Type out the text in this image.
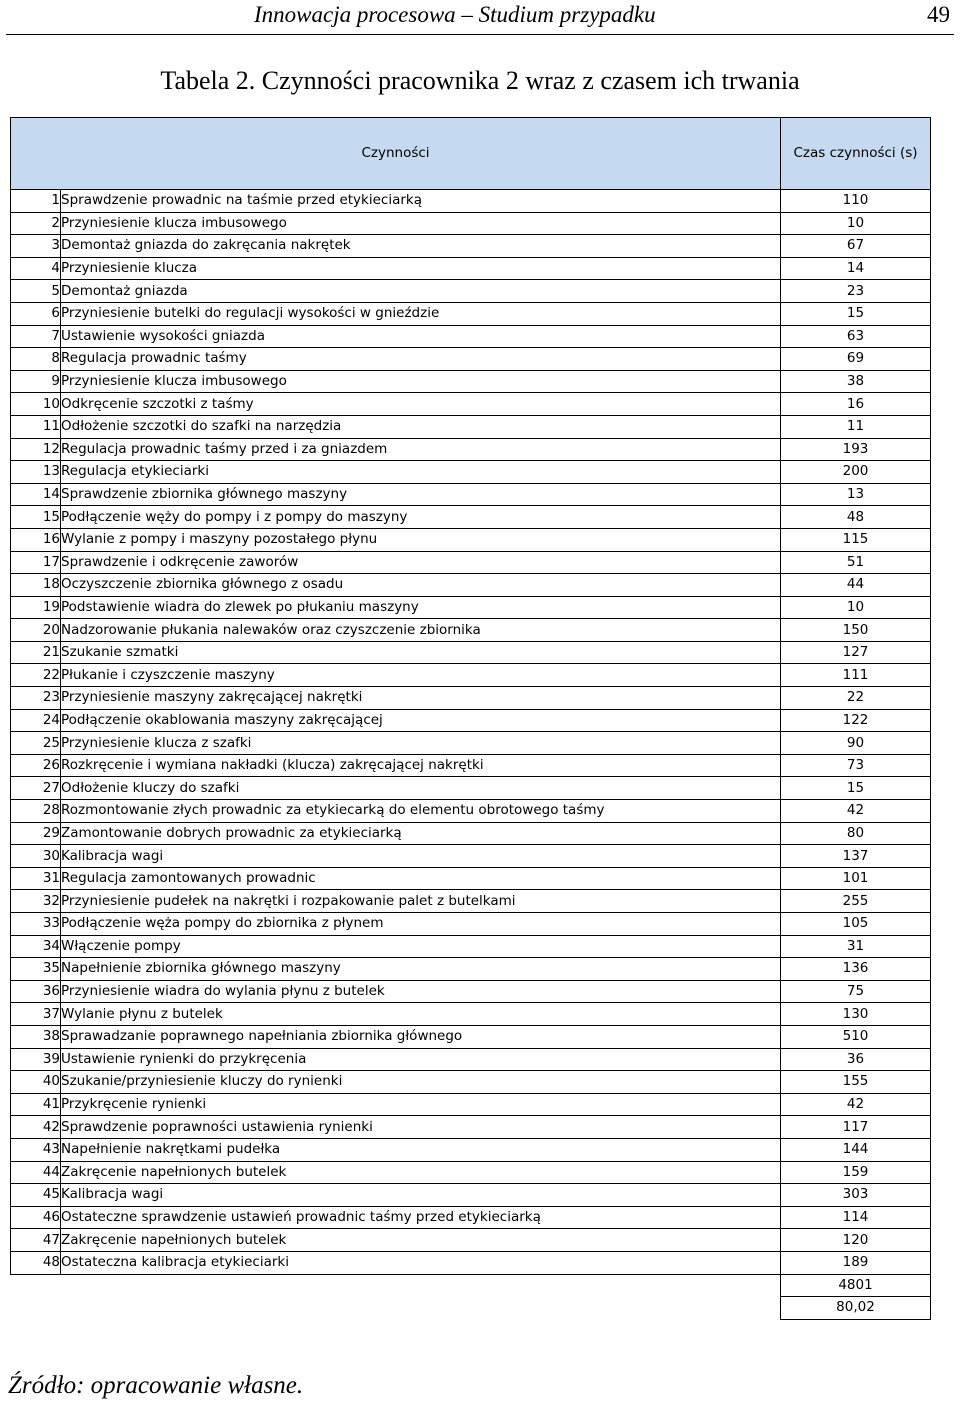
Innowacja procesowa – Studium przypadku	49
Tabela 2. Czynności pracownika 2 wraz z czasem ich trwania
Czynności		Czas czynności (s)
1	Sprawdzenie prowadnic na taśmie przed etykieciarką	110
2	Przyniesienie klucza imbusowego	10
3	Demontaż gniazda do zakręcania nakrętek	67
4	Przyniesienie klucza	14
5	Demontaż gniazda	23
6	Przyniesienie butelki do regulacji wysokości w gnieździe	15
7	Ustawienie wysokości gniazda	63
8	Regulacja prowadnic taśmy	69
9	Przyniesienie klucza imbusowego	38
10	Odkręcenie szczotki z taśmy	16
11	Odłożenie szczotki do szafki na narzędzia	11
12	Regulacja prowadnic taśmy przed i za gniazdem	193
13	Regulacja etykieciarki	200
14	Sprawdzenie zbiornika głównego maszyny	13
15	Podłączenie węży do pompy i z pompy do maszyny	48
16	Wylanie z pompy i maszyny pozostałego płynu	115
17	Sprawdzenie i odkręcenie zaworów	51
18	Oczyszczenie zbiornika głównego z osadu	44
19	Podstawienie wiadra do zlewek po płukaniu maszyny	10
20	Nadzorowanie płukania nalewaków oraz czyszczenie zbiornika	150
21	Szukanie szmatki	127
22	Płukanie i czyszczenie maszyny	111
23	Przyniesienie maszyny zakręcającej nakrętki	22
24	Podłączenie okablowania maszyny zakręcającej	122
25	Przyniesienie klucza z szafki	90
26	Rozkręcenie i wymiana nakładki (klucza) zakręcającej nakrętki	73
27	Odłożenie kluczy do szafki	15
28	Rozmontowanie złych prowadnic za etykiecarką do elementu obrotowego taśmy	42
29	Zamontowanie dobrych prowadnic za etykieciarką	80
30	Kalibracja wagi	137
31	Regulacja zamontowanych prowadnic	101
32	Przyniesienie pudełek na nakrętki i rozpakowanie palet z butelkami	255
33	Podłączenie węża pompy do zbiornika z płynem	105
34	Włączenie pompy	31
35	Napełnienie zbiornika głównego maszyny	136
36	Przyniesienie wiadra do wylania płynu z butelek	75
37	Wylanie płynu z butelek	130
38	Sprawadzanie poprawnego napełniania zbiornika głównego	510
39	Ustawienie rynienki do przykręcenia	36
40	Szukanie/przyniesienie kluczy do rynienki	155
41	Przykręcenie rynienki	42
42	Sprawdzenie poprawności ustawienia rynienki	117
43	Napełnienie nakrętkami pudełka	144
44	Zakręcenie napełnionych butelek	159
45	Kalibracja wagi	303
46	Ostateczne sprawdzenie ustawień prowadnic taśmy przed etykieciarką	114
47	Zakręcenie napełnionych butelek	120
48	Ostateczna kalibracja etykieciarki	189
		4801
		80,02
Źródło: opracowanie własne.
